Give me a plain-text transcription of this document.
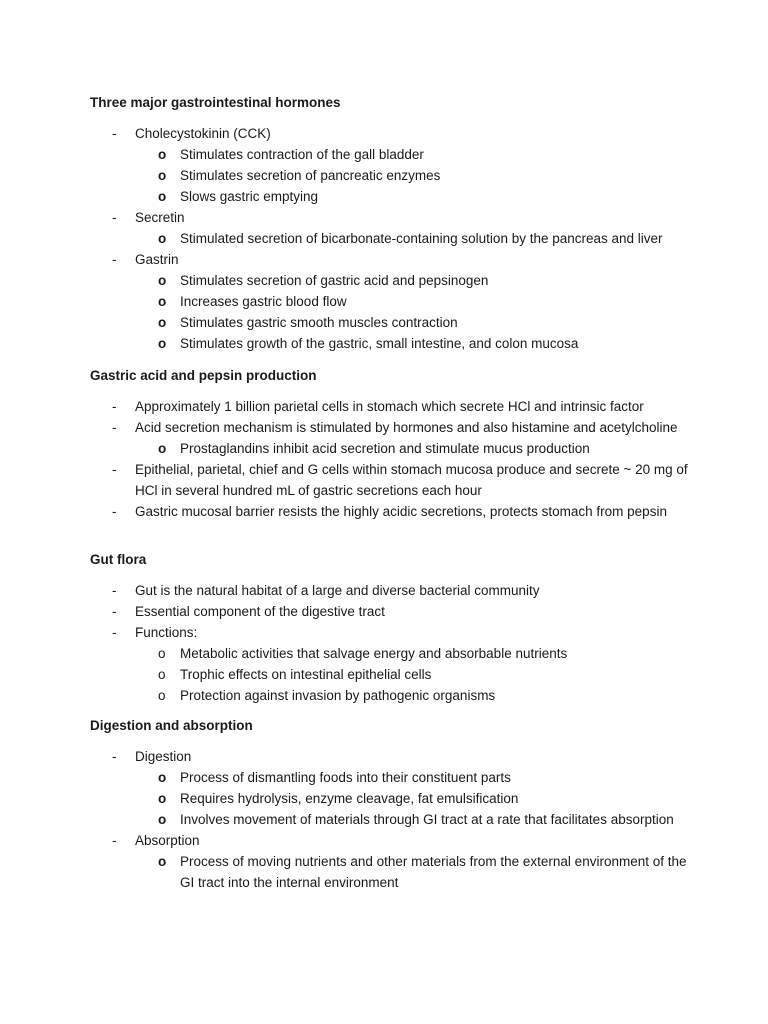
Three major gastrointestinal hormones
- Cholecystokinin (CCK)
o Stimulates contraction of the gall bladder
o Stimulates secretion of pancreatic enzymes
o Slows gastric emptying
- Secretin
o Stimulated secretion of bicarbonate-containing solution by the pancreas and liver
- Gastrin
o Stimulates secretion of gastric acid and pepsinogen
o Increases gastric blood flow
o Stimulates gastric smooth muscles contraction
o Stimulates growth of the gastric, small intestine, and colon mucosa
Gastric acid and pepsin production
- Approximately 1 billion parietal cells in stomach which secrete HCl and intrinsic factor
- Acid secretion mechanism is stimulated by hormones and also histamine and acetylcholine
o Prostaglandins inhibit acid secretion and stimulate mucus production
- Epithelial, parietal, chief and G cells within stomach mucosa produce and secrete ~ 20 mg of HCl in several hundred mL of gastric secretions each hour
- Gastric mucosal barrier resists the highly acidic secretions, protects stomach from pepsin
Gut flora
- Gut is the natural habitat of a large and diverse bacterial community
- Essential component of the digestive tract
- Functions:
o Metabolic activities that salvage energy and absorbable nutrients
o Trophic effects on intestinal epithelial cells
o Protection against invasion by pathogenic organisms
Digestion and absorption
- Digestion
o Process of dismantling foods into their constituent parts
o Requires hydrolysis, enzyme cleavage, fat emulsification
o Involves movement of materials through GI tract at a rate that facilitates absorption
- Absorption
o Process of moving nutrients and other materials from the external environment of the GI tract into the internal environment
